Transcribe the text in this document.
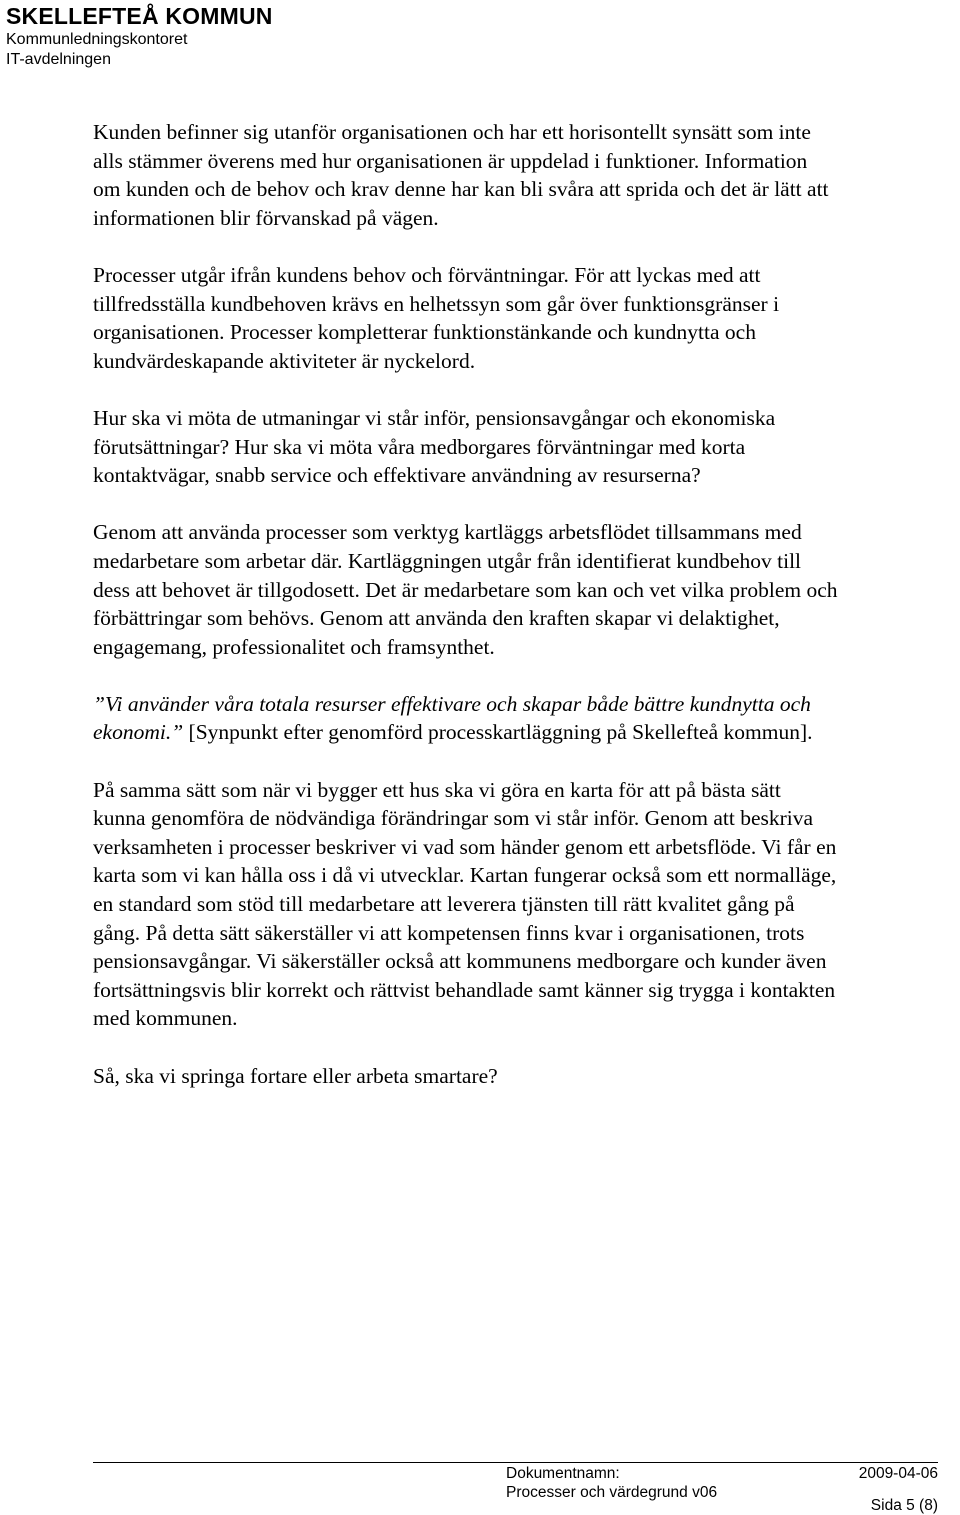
SKELLEFTEÅ KOMMUN
Kommunledningskontoret
IT-avdelningen

Kunden befinner sig utanför organisationen och har ett horisontellt synsätt som inte
alls stämmer överens med hur organisationen är uppdelad i funktioner. Information
om kunden och de behov och krav denne har kan bli svåra att sprida och det är lätt att
informationen blir förvanskad på vägen.

Processer utgår ifrån kundens behov och förväntningar. För att lyckas med att
tillfredsställa kundbehoven krävs en helhetssyn som går över funktionsgränser i
organisationen. Processer kompletterar funktionstänkande och kundnytta och
kundvärdeskapande aktiviteter är nyckelord.

Hur ska vi möta de utmaningar vi står inför, pensionsavgångar och ekonomiska
förutsättningar? Hur ska vi möta våra medborgares förväntningar med korta
kontaktvägar, snabb service och effektivare användning av resurserna?

Genom att använda processer som verktyg kartläggs arbetsflödet tillsammans med
medarbetare som arbetar där. Kartläggningen utgår från identifierat kundbehov till
dess att behovet är tillgodosett. Det är medarbetare som kan och vet vilka problem och
förbättringar som behövs. Genom att använda den kraften skapar vi delaktighet,
engagemang, professionalitet och framsynthet.

”Vi använder våra totala resurser effektivare och skapar både bättre kundnytta och
ekonomi.” [Synpunkt efter genomförd processkartläggning på Skellefteå kommun].

På samma sätt som när vi bygger ett hus ska vi göra en karta för att på bästa sätt
kunna genomföra de nödvändiga förändringar som vi står inför. Genom att beskriva
verksamheten i processer beskriver vi vad som händer genom ett arbetsflöde. Vi får en
karta som vi kan hålla oss i då vi utvecklar. Kartan fungerar också som ett normalläge,
en standard som stöd till medarbetare att leverera tjänsten till rätt kvalitet gång på
gång. På detta sätt säkerställer vi att kompetensen finns kvar i organisationen, trots
pensionsavgångar. Vi säkerställer också att kommunens medborgare och kunder även
fortsättningsvis blir korrekt och rättvist behandlade samt känner sig trygga i kontakten
med kommunen.

Så, ska vi springa fortare eller arbeta smartare?

Dokumentnamn:
Processer och värdegrund v06
2009-04-06
Sida 5 (8)
